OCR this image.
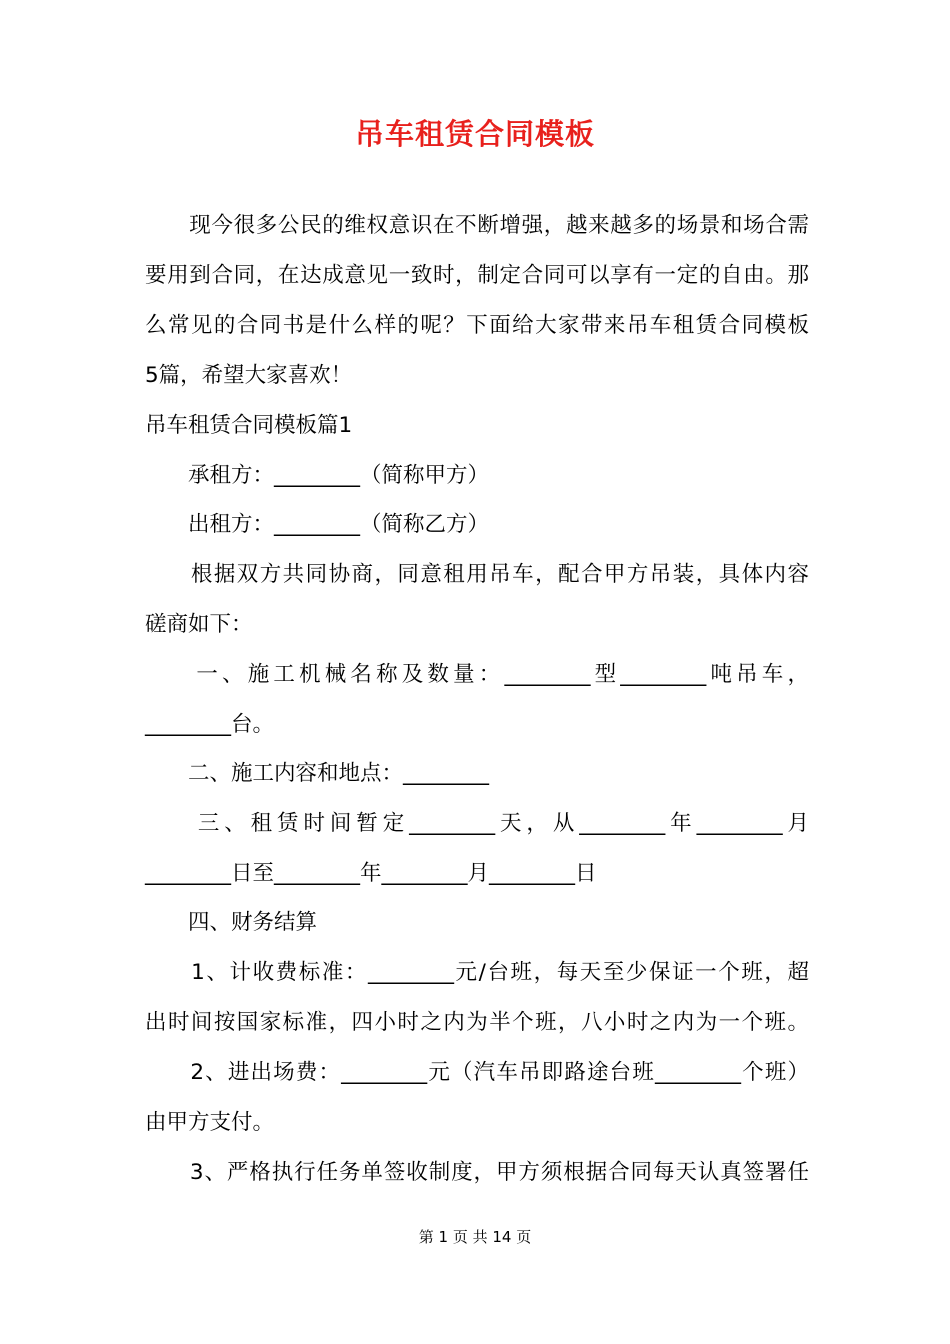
吊车租赁合同模板
　　现今很多公民的维权意识在不断增强，越来越多的场景和场合需
要用到合同，在达成意见一致时，制定合同可以享有一定的自由。那
么常见的合同书是什么样的呢？下面给大家带来吊车租赁合同模板
5篇，希望大家喜欢！
吊车租赁合同模板篇1
　　承租方：________（简称甲方）
　　出租方：________（简称乙方）
　　根据双方共同协商，同意租用吊车，配合甲方吊装，具体内容
磋商如下：
　　一、施工机械名称及数量：________型________吨吊车，
________台。
　　二、施工内容和地点：________
　　三、租赁时间暂定________天，从________年________月
________日至________年________月________日
　　四、财务结算
　　1、计收费标准：________元/台班，每天至少保证一个班，超
出时间按国家标准，四小时之内为半个班，八小时之内为一个班。
　　2、进出场费：________元（汽车吊即路途台班________个班）
由甲方支付。
　　3、严格执行任务单签收制度，甲方须根据合同每天认真签署任
第 1 页 共 14 页
